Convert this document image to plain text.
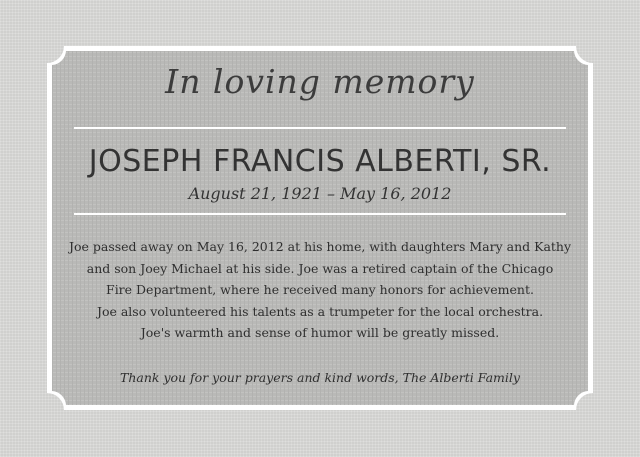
In loving memory
JOSEPH FRANCIS ALBERTI, SR.

August 21, 1921 – May 16, 2012

Joe passed away on May 16, 2012 at his home, with daughters Mary and Kathy
and son Joey Michael at his side. Joe was a retired captain of the Chicago
Fire Department, where he received many honors for achievement.
Joe also volunteered his talents as a trumpeter for the local orchestra.
Joe's warmth and sense of humor will be greatly missed.

Thank you for your prayers and kind words, The Alberti Family
